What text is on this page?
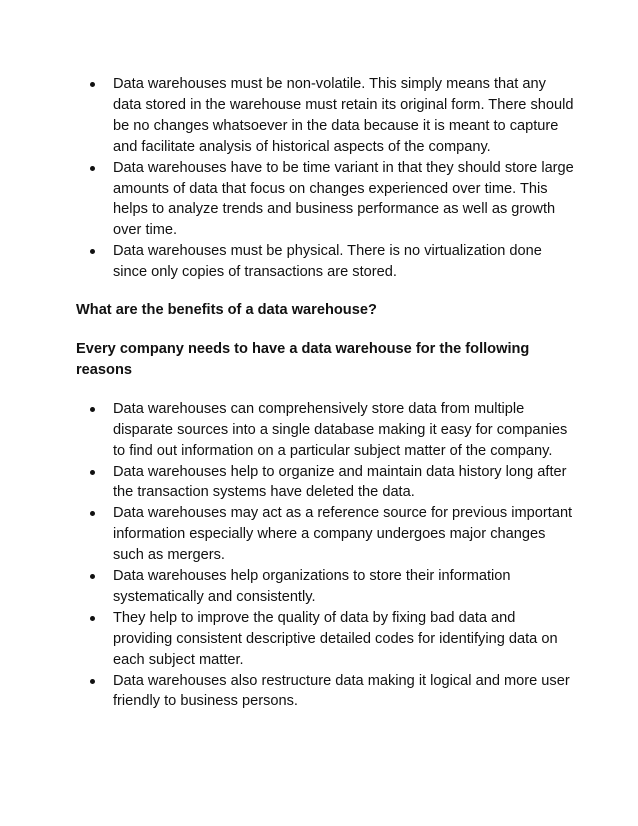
Data warehouses must be non-volatile. This simply means that any data stored in the warehouse must retain its original form. There should be no changes whatsoever in the data because it is meant to capture and facilitate analysis of historical aspects of the company.
Data warehouses have to be time variant in that they should store large amounts of data that focus on changes experienced over time. This helps to analyze trends and business performance as well as growth over time.
Data warehouses must be physical. There is no virtualization done since only copies of transactions are stored.

What are the benefits of a data warehouse?

Every company needs to have a data warehouse for the following reasons

Data warehouses can comprehensively store data from multiple disparate sources into a single database making it easy for companies to find out information on a particular subject matter of the company.
Data warehouses help to organize and maintain data history long after the transaction systems have deleted the data.
Data warehouses may act as a reference source for previous important information especially where a company undergoes major changes such as mergers.
Data warehouses help organizations to store their information systematically and consistently.
They help to improve the quality of data by fixing bad data and providing consistent descriptive detailed codes for identifying data on each subject matter.
Data warehouses also restructure data making it logical and more user friendly to business persons.
